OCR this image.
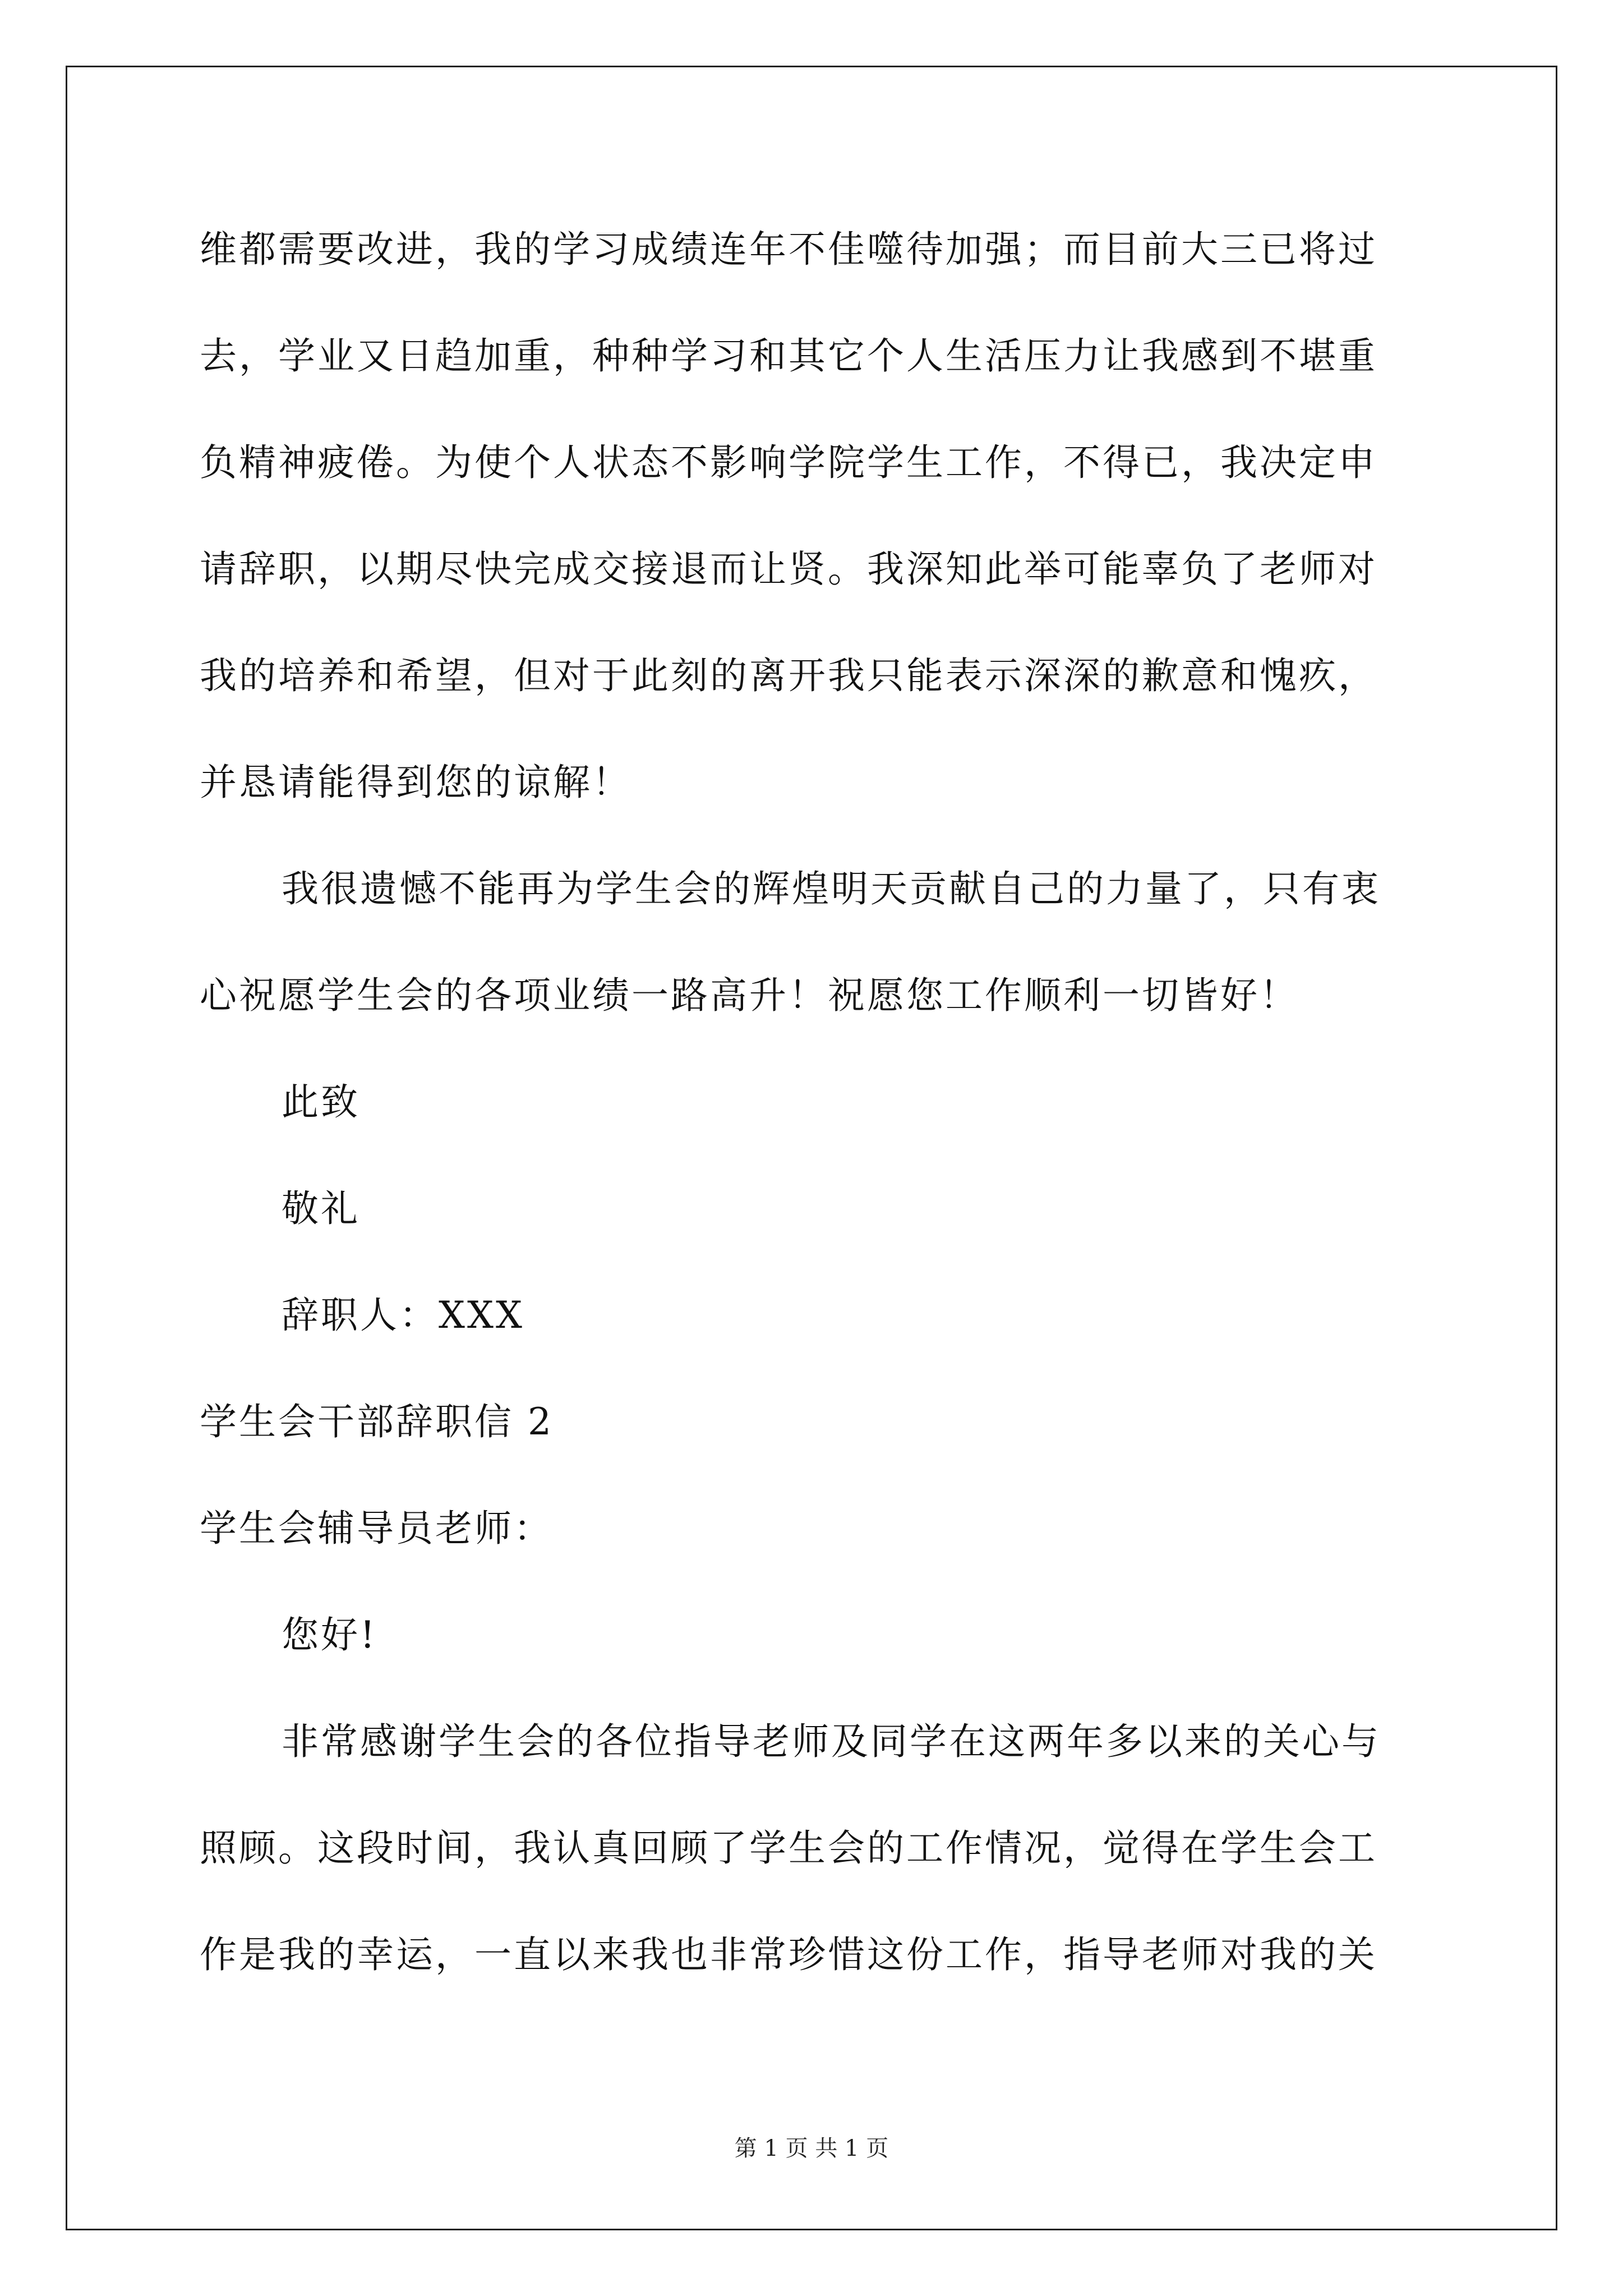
维都需要改进，我的学习成绩连年不佳噬待加强；而目前大三已将过
去，学业又日趋加重，种种学习和其它个人生活压力让我感到不堪重
负精神疲倦。为使个人状态不影响学院学生工作，不得已，我决定申
请辞职，以期尽快完成交接退而让贤。我深知此举可能辜负了老师对
我的培养和希望，但对于此刻的离开我只能表示深深的歉意和愧疚，
并恳请能得到您的谅解！
我很遗憾不能再为学生会的辉煌明天贡献自己的力量了，只有衷
心祝愿学生会的各项业绩一路高升！祝愿您工作顺利一切皆好！
此致
敬礼
辞职人：XXX
学生会干部辞职信 2
学生会辅导员老师：
您好!
非常感谢学生会的各位指导老师及同学在这两年多以来的关心与
照顾。这段时间，我认真回顾了学生会的工作情况，觉得在学生会工
作是我的幸运，一直以来我也非常珍惜这份工作，指导老师对我的关
第 1 页 共 1 页
